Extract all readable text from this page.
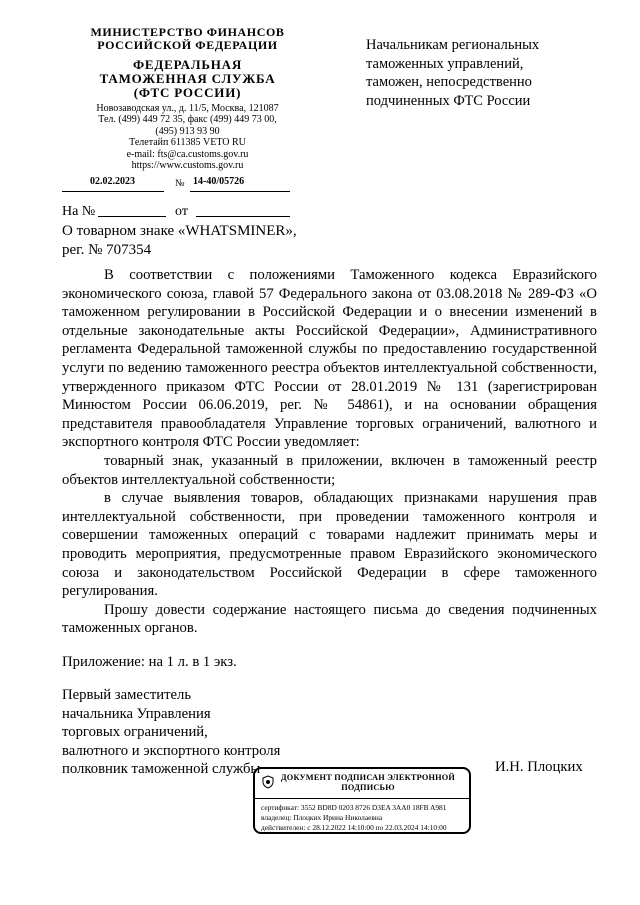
МИНИСТЕРСТВО ФИНАНСОВ
РОССИЙСКОЙ ФЕДЕРАЦИИ
ФЕДЕРАЛЬНАЯ
ТАМОЖЕННАЯ СЛУЖБА
(ФТС РОССИИ)
Новозаводская ул., д. 11/5, Москва, 121087
Тел. (499) 449 72 35, факс (499) 449 73 00,
(495) 913 93 90
Телетайп 611385 VETO RU
e-mail: fts@ca.customs.gov.ru
https://www.customs.gov.ru
02.02.2023	№ 14-40/05726
На №	от
О товарном знаке «WHATSMINER»,
рег. № 707354
Начальникам региональных
таможенных управлений,
таможен, непосредственно
подчиненных ФТС России

В соответствии с положениями Таможенного кодекса Евразийского экономического союза, главой 57 Федерального закона от 03.08.2018 № 289-ФЗ «О таможенном регулировании в Российской Федерации и о внесении изменений в отдельные законодательные акты Российской Федерации», Административного регламента Федеральной таможенной службы по предоставлению государственной услуги по ведению таможенного реестра объектов интеллектуальной собственности, утвержденного приказом ФТС России от 28.01.2019 № 131 (зарегистрирован Минюстом России 06.06.2019, рег. № 54861), и на основании обращения представителя правообладателя Управление торговых ограничений, валютного и экспортного контроля ФТС России уведомляет:

товарный знак, указанный в приложении, включен в таможенный реестр объектов интеллектуальной собственности;

в случае выявления товаров, обладающих признаками нарушения прав интеллектуальной собственности, при проведении таможенного контроля и совершении таможенных операций с товарами надлежит принимать меры и проводить мероприятия, предусмотренные правом Евразийского экономического союза и законодательством Российской Федерации в сфере таможенного регулирования.

Прошу довести содержание настоящего письма до сведения подчиненных таможенных органов.

Приложение: на 1 л. в 1 экз.
Первый заместитель
начальника Управления
торговых ограничений,
валютного и экспортного контроля
полковник таможенной службы	И.Н. Плоцких
ДОКУМЕНТ ПОДПИСАН ЭЛЕКТРОННОЙ
ПОДПИСЬЮ
сертификат: 3552 BD8D 0203 8726 D3EA 3AA0 18FB A981
владелец: Плоцких Ирина Николаевна
действителен: с 28.12.2022 14:10:00 по 22.03.2024 14:10:00
